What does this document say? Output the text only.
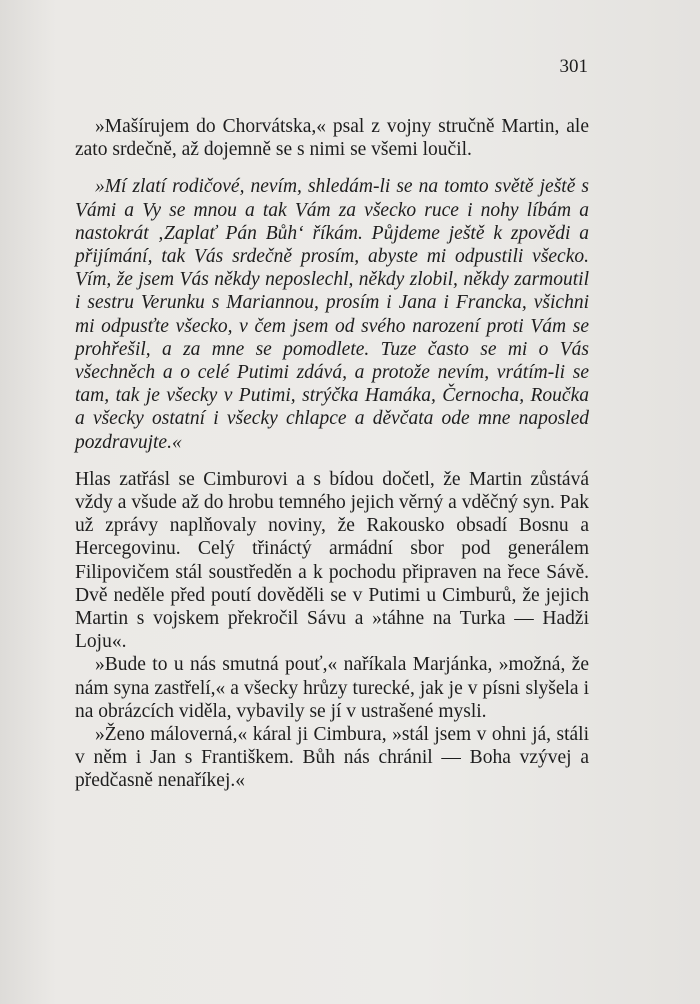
301

»Mašírujem do Chorvátska,« psal z vojny stručně Martin, ale zato srdečně, až dojemně se s nimi se všemi loučil.

»Mí zlatí rodičové, nevím, shledám-li se na tomto světě ještě s Vámi a Vy se mnou a tak Vám za všecko ruce i nohy líbám a nastokrát ‚Zaplať Pán Bůh‘ říkám. Půjdeme ještě k zpovědi a přijímání, tak Vás srdečně prosím, abyste mi odpustili všecko. Vím, že jsem Vás někdy neposlechl, někdy zlobil, někdy zarmoutil i sestru Verunku s Mariannou, prosím i Jana i Francka, všichni mi odpusťte všecko, v čem jsem od svého narození proti Vám se prohřešil, a za mne se pomodlete. Tuze často se mi o Vás všechněch a o celé Putimi zdává, a protože nevím, vrátím-li se tam, tak je všecky v Putimi, strýčka Hamáka, Černocha, Roučka a všecky ostatní i všecky chlapce a děvčata ode mne naposled pozdravujte.«

Hlas zatřásl se Cimburovi a s bídou dočetl, že Martin zůstává vždy a všude až do hrobu temného jejich věrný a vděčný syn. Pak už zprávy naplňovaly noviny, že Rakousko obsadí Bosnu a Hercegovinu. Celý třináctý armádní sbor pod generálem Filipovičem stál soustředěn a k pochodu připraven na řece Sávě. Dvě neděle před poutí dověděli se v Putimi u Cimburů, že jejich Martin s vojskem překročil Sávu a »táhne na Turka — Hadži Loju«.

»Bude to u nás smutná pouť,« naříkala Marjánka, »možná, že nám syna zastřelí,« a všecky hrůzy turecké, jak je v písni slyšela i na obrázcích viděla, vybavily se jí v ustrašené mysli.

»Ženo máloverná,« káral ji Cimbura, »stál jsem v ohni já, stáli v něm i Jan s Františkem. Bůh nás chránil — Boha vzývej a předčasně nenaříkej.«
